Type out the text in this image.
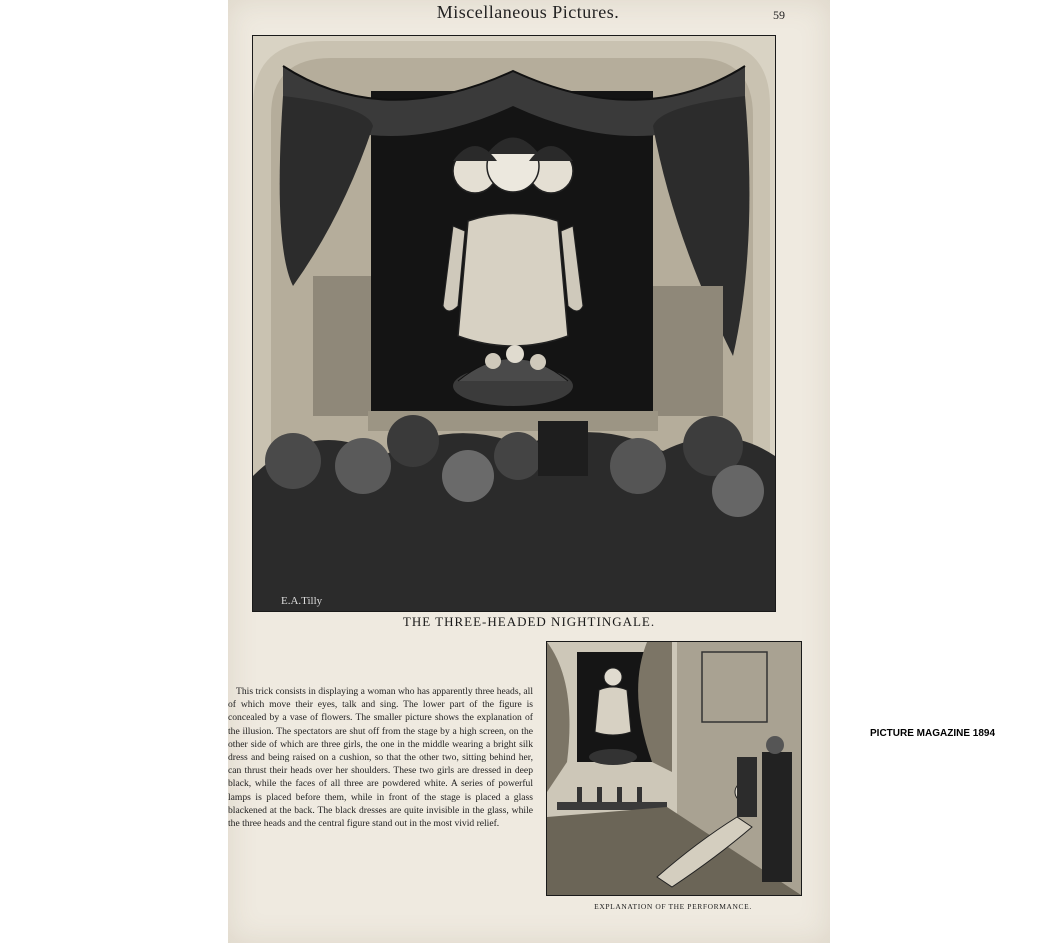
Miscellaneous Pictures.	59
E.A.Tilly
THE THREE-HEADED NIGHTINGALE.
This trick consists in displaying a woman who has apparently three heads, all of which move their eyes, talk and sing. The lower part of the figure is concealed by a vase of flowers. The smaller picture shows the explanation of the illusion. The spectators are shut off from the stage by a high screen, on the other side of which are three girls, the one in the middle wearing a bright silk dress and being raised on a cushion, so that the other two, sitting behind her, can thrust their heads over her shoulders. These two girls are dressed in deep black, while the faces of all three are powdered white. A series of powerful lamps is placed before them, while in front of the stage is placed a glass blackened at the back. The black dresses are quite invisible in the glass, while the three heads and the central figure stand out in the most vivid relief.
EXPLANATION OF THE PERFORMANCE.
PICTURE MAGAZINE 1894
